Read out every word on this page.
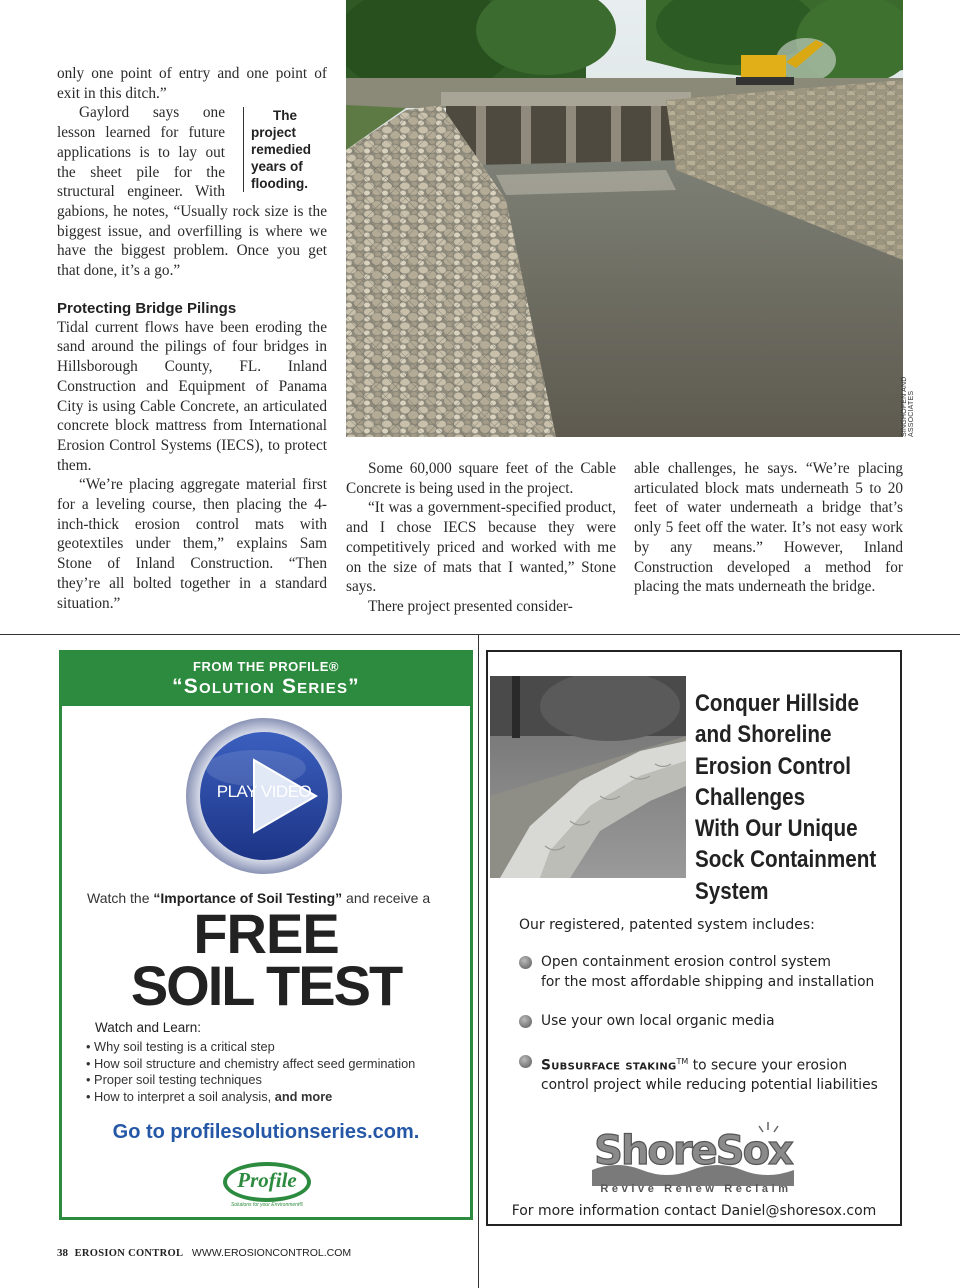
only one point of entry and one point of exit in this ditch.”

The project remedied years of flooding.
Gaylord says one lesson learned for future applications is to lay out the sheet pile for the structural engineer. With gabions, he notes, “Usually rock size is the biggest issue, and overfilling is where we have the biggest problem. Once you get that done, it’s a go.”

Protecting Bridge Pilings

Tidal current flows have been eroding the sand around the pilings of four bridges in Hillsborough County, FL. Inland Construction and Equipment of Panama City is using Cable Concrete, an articulated concrete block mattress from International Erosion Control Systems (IECS), to protect them.

“We’re placing aggregate material first for a leveling course, then placing the 4-inch-thick erosion control mats with geotextiles under them,” explains Sam Stone of Inland Construction. “Then they’re all bolted together in a standard situation.”

SINGHOFEN AND ASSOCIATES

Some 60,000 square feet of the Cable Concrete is being used in the project.

“It was a government-specified product, and I chose IECS because they were competitively priced and worked with me on the size of mats that I wanted,” Stone says.

There project presented consider-

able challenges, he says. “We’re placing articulated block mats underneath 5 to 20 feet of water underneath a bridge that’s only 5 feet off the water. It’s not easy work by any means.” However, Inland Construction developed a method for placing the mats underneath the bridge.

FROM THE PROFILE®
“Solution Series”
PLAY VIDEO
Watch the “Importance of Soil Testing” and receive a
FREE
SOIL TEST
Watch and Learn:
• Why soil testing is a critical step
• How soil structure and chemistry affect seed germination
• Proper soil testing techniques
• How to interpret a soil analysis, and more
Go to profilesolutionseries.com.
Profile
Solutions for your Environment®
Conquer Hillside
and Shoreline
Erosion Control
Challenges
With Our Unique
Sock Containment
System
Our registered, patented system includes:
Open containment erosion control system
for the most affordable shipping and installation
Use your own local organic media
Subsurface staking™ to secure your erosion control project while reducing potential liabilities
ShoreSox
Revive Renew Reclaim
For more information contact Daniel@shoresox.com
38 EROSION CONTROL WWW.EROSIONCONTROL.COM
